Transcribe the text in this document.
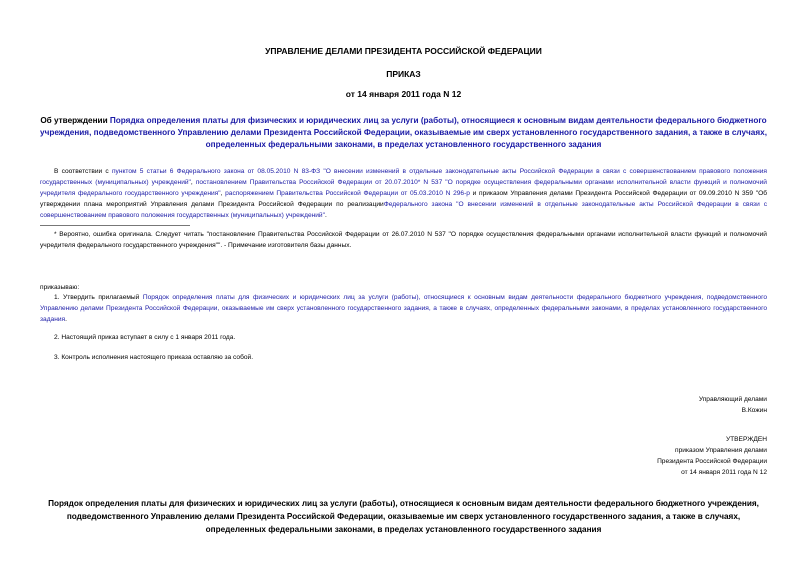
УПРАВЛЕНИЕ ДЕЛАМИ ПРЕЗИДЕНТА РОССИЙСКОЙ ФЕДЕРАЦИИ
ПРИКАЗ
от 14 января 2011 года N 12
Об утверждении Порядка определения платы для физических и юридических лиц за услуги (работы), относящиеся к основным видам деятельности федерального бюджетного учреждения, подведомственного Управлению делами Президента Российской Федерации, оказываемые им сверх установленного государственного задания, а также в случаях, определенных федеральными законами, в пределах установленного государственного задания
В соответствии с пунктом 5 статьи 6 Федерального закона от 08.05.2010 N 83-ФЗ "О внесении изменений в отдельные законодательные акты Российской Федерации в связи с совершенствованием правового положения государственных (муниципальных) учреждений", постановлением Правительства Российской Федерации от 20.07.2010* N 537 "О порядке осуществления федеральными органами исполнительной власти функций и полномочий учредителя федерального государственного учреждения", распоряжением Правительства Российской Федерации от 05.03.2010 N 296-р и приказом Управления делами Президента Российской Федерации от 09.09.2010 N 359 "Об утверждении плана мероприятий Управления делами Президента Российской Федерации по реализацииФедерального закона "О внесении изменений в отдельные законодательные акты Российской Федерации в связи с совершенствованием правового положения государственных (муниципальных) учреждений".
* Вероятно, ошибка оригинала. Следует читать "постановление Правительства Российской Федерации от 26.07.2010 N 537 "О порядке осуществления федеральными органами исполнительной власти функций и полномочий учредителя федерального государственного учреждения"". - Примечание изготовителя базы данных.
приказываю:
1. Утвердить прилагаемый Порядок определения платы для физических и юридических лиц за услуги (работы), относящиеся к основным видам деятельности федерального бюджетного учреждения, подведомственного Управлению делами Президента Российской Федерации, оказываемые им сверх установленного государственного задания, а также в случаях, определенных федеральными законами, в пределах установленного государственного задания.
2. Настоящий приказ вступает в силу с 1 января 2011 года.
3. Контроль исполнения настоящего приказа оставляю за собой.
Управляющий делами
В.Кожин
УТВЕРЖДЕН
приказом Управления делами
Президента Российской Федерации
от 14 января 2011 года N 12
Порядок определения платы для физических и юридических лиц за услуги (работы), относящиеся к основным видам деятельности федерального бюджетного учреждения, подведомственного Управлению делами Президента Российской Федерации, оказываемые им сверх установленного государственного задания, а также в случаях, определенных федеральными законами, в пределах установленного государственного задания
